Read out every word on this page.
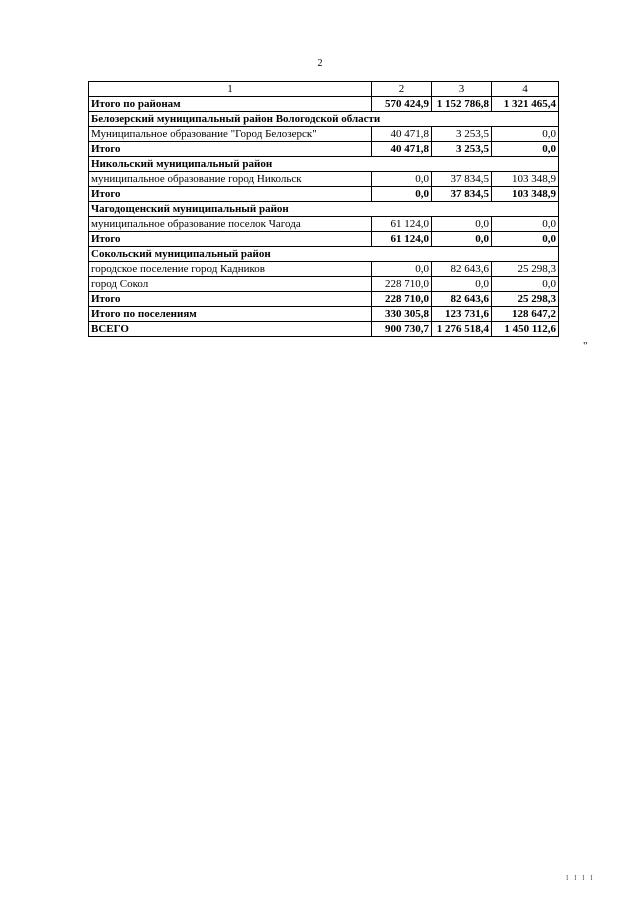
2
1	2	3	4
Итого по районам	570 424,9	1 152 786,8	1 321 465,4
Белозерский муниципальный район Вологодской области			
Муниципальное образование "Город Белозерск"	40 471,8	3 253,5	0,0
Итого	40 471,8	3 253,5	0,0
Никольский муниципальный район			
муниципальное образование город Никольск	0,0	37 834,5	103 348,9
Итого	0,0	37 834,5	103 348,9
Чагодощенский муниципальный район			
муниципальное образование поселок Чагода	61 124,0	0,0	0,0
Итого	61 124,0	0,0	0,0
Сокольский муниципальный район			
городское поселение город Кадников	0,0	82 643,6	25 298,3
город Сокол	228 710,0	0,0	0,0
Итого	228 710,0	82 643,6	25 298,3
Итого по поселениям	330 305,8	123 731,6	128 647,2
ВСЕГО	900 730,7	1 276 518,4	1 450 112,6
"
I I I I
